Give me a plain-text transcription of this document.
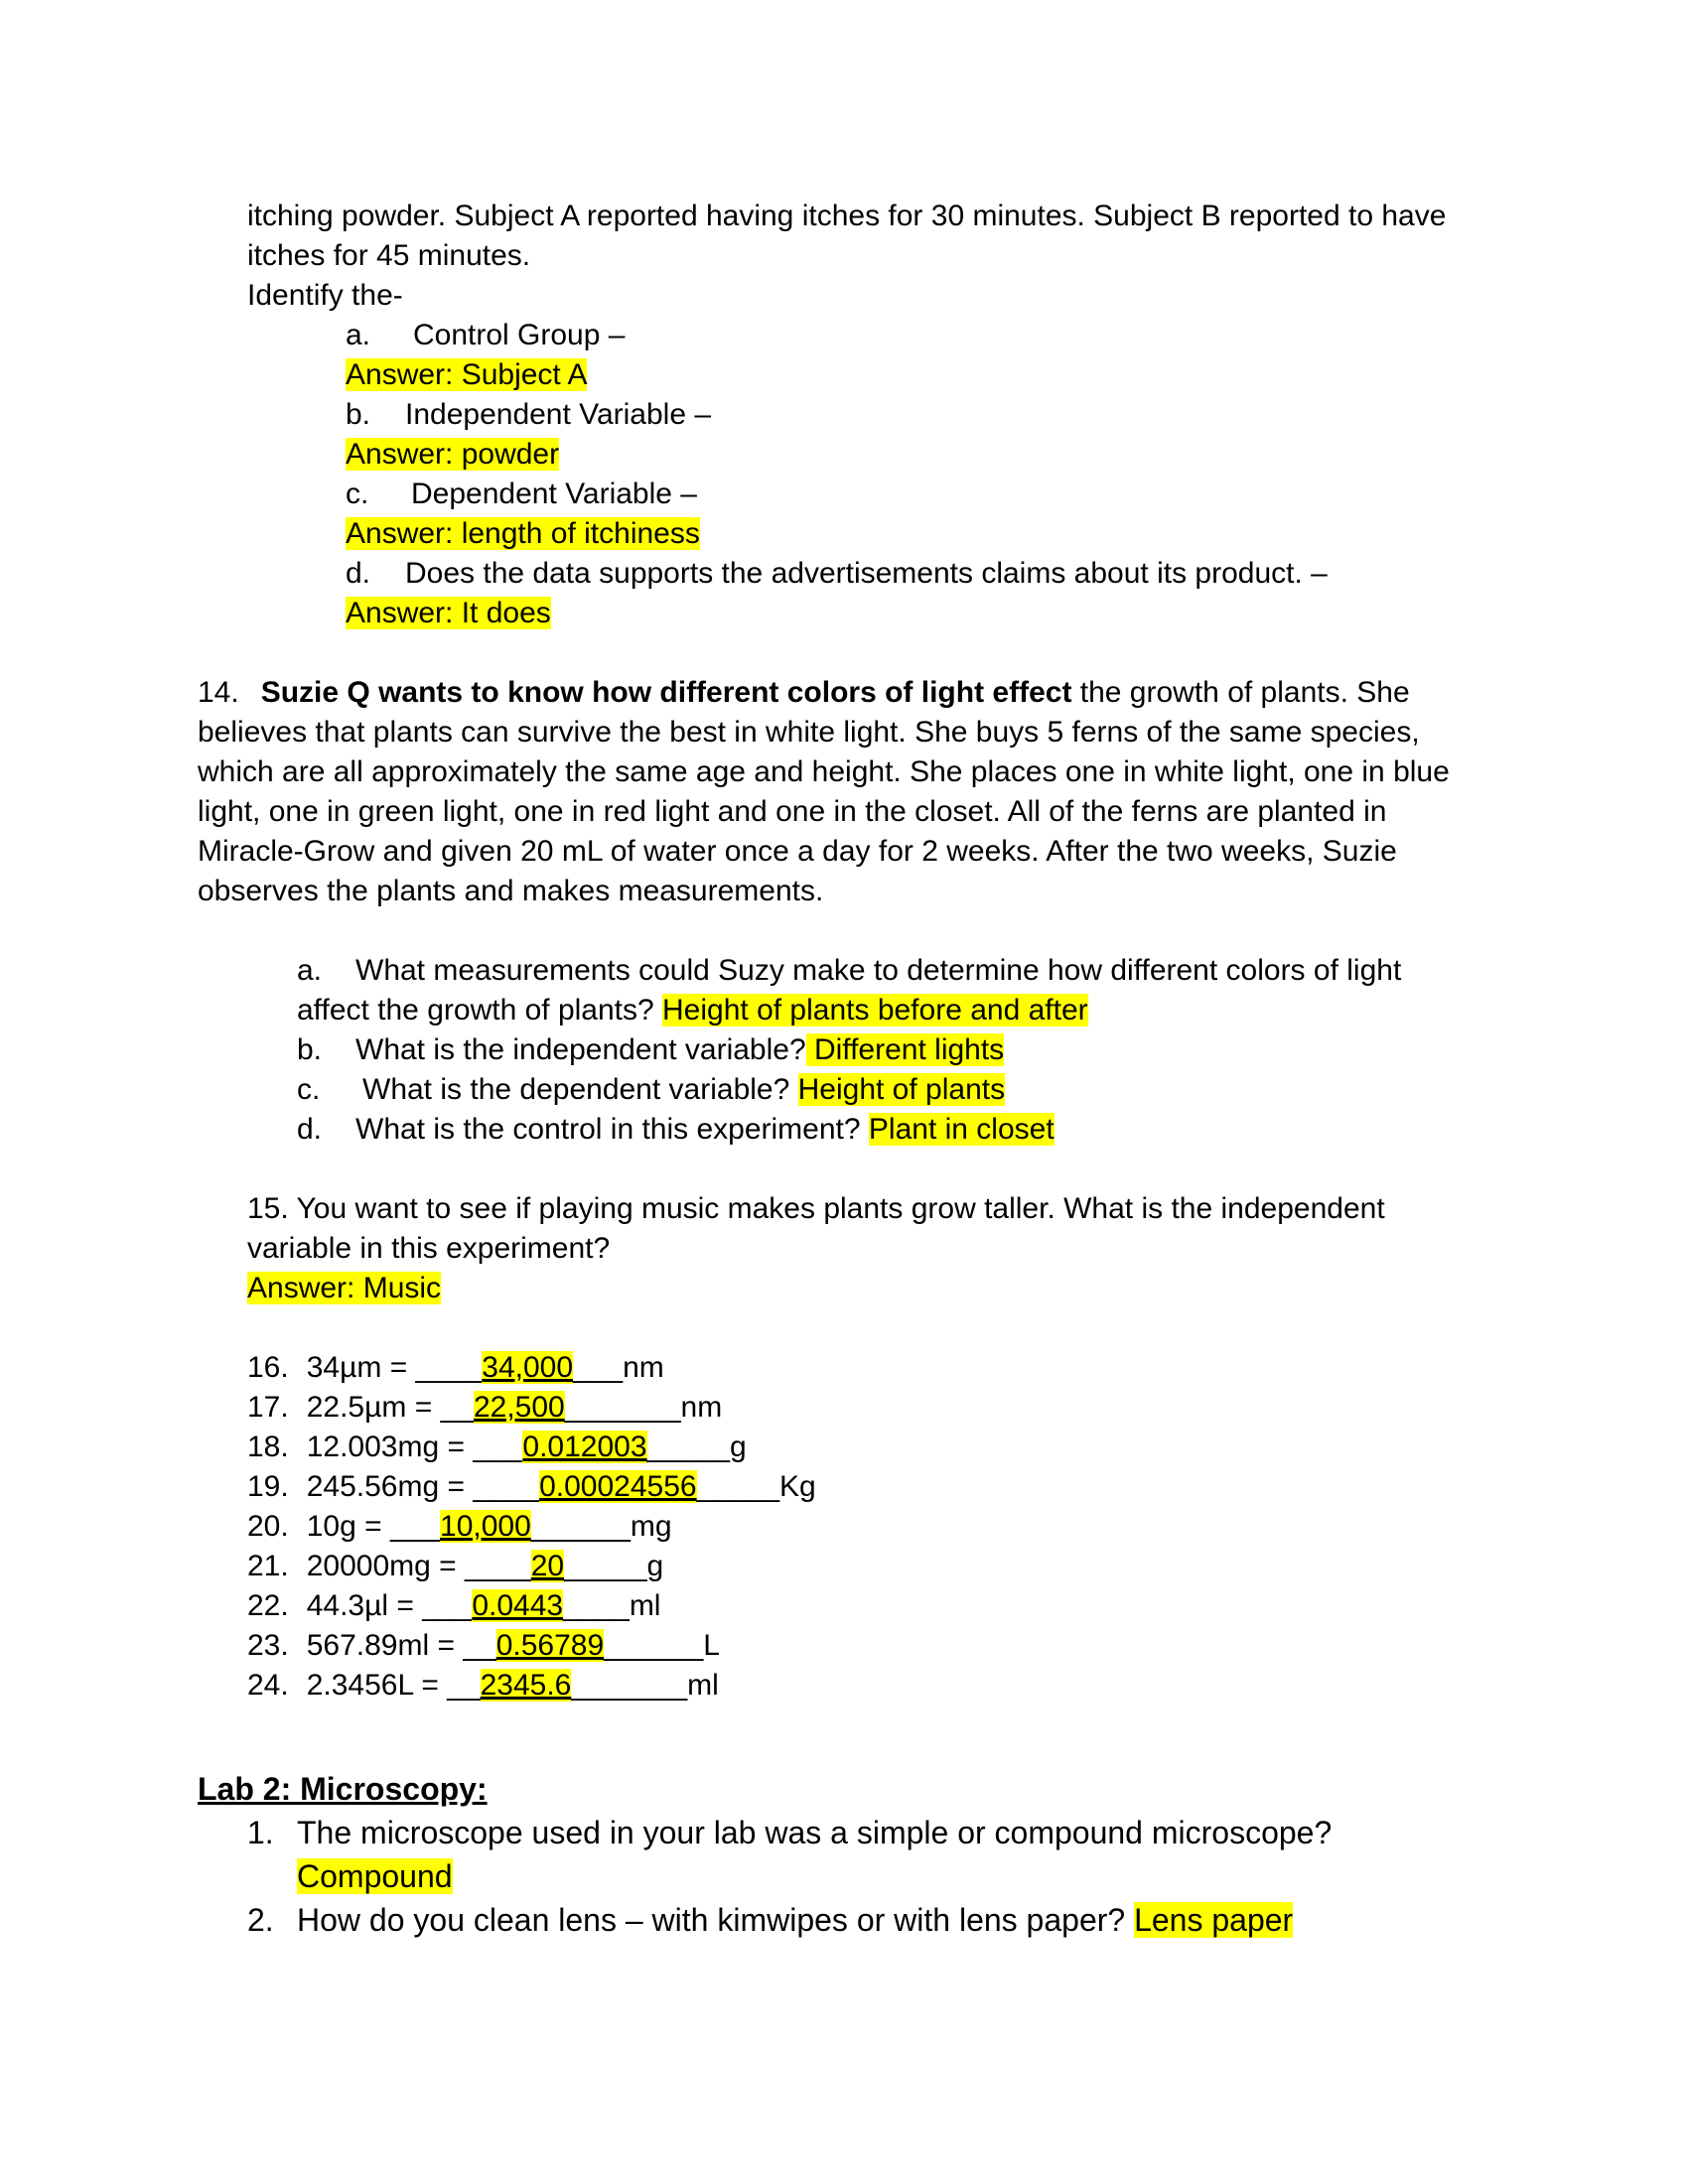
itching powder. Subject A reported having itches for 30 minutes. Subject B reported to have
itches for 45 minutes.
Identify the-
a. Control Group –
Answer: Subject A
b. Independent Variable –
Answer: powder
c. Dependent Variable –
Answer: length of itchiness
d. Does the data supports the advertisements claims about its product. –
Answer: It does
14. Suzie Q wants to know how different colors of light effect the growth of plants. She
believes that plants can survive the best in white light. She buys 5 ferns of the same species,
which are all approximately the same age and height. She places one in white light, one in blue
light, one in green light, one in red light and one in the closet. All of the ferns are planted in
Miracle-Grow and given 20 mL of water once a day for 2 weeks. After the two weeks, Suzie
observes the plants and makes measurements.
a. What measurements could Suzy make to determine how different colors of light
affect the growth of plants? Height of plants before and after
b. What is the independent variable? Different lights
c. What is the dependent variable? Height of plants
d. What is the control in this experiment? Plant in closet
15. You want to see if playing music makes plants grow taller. What is the independent
variable in this experiment?
Answer: Music
16. 34µm = ____34,000___nm
17. 22.5µm = __22,500_______nm
18. 12.003mg = ___0.012003_____g
19. 245.56mg = ____0.00024556_____Kg
20. 10g = ___10,000______mg
21. 20000mg = ____20_____g
22. 44.3µl = ___0.0443____ml
23. 567.89ml = __0.56789______L
24. 2.3456L = __2345.6_______ml
Lab 2: Microscopy:
1. The microscope used in your lab was a simple or compound microscope?
Compound
2. How do you clean lens – with kimwipes or with lens paper? Lens paper
